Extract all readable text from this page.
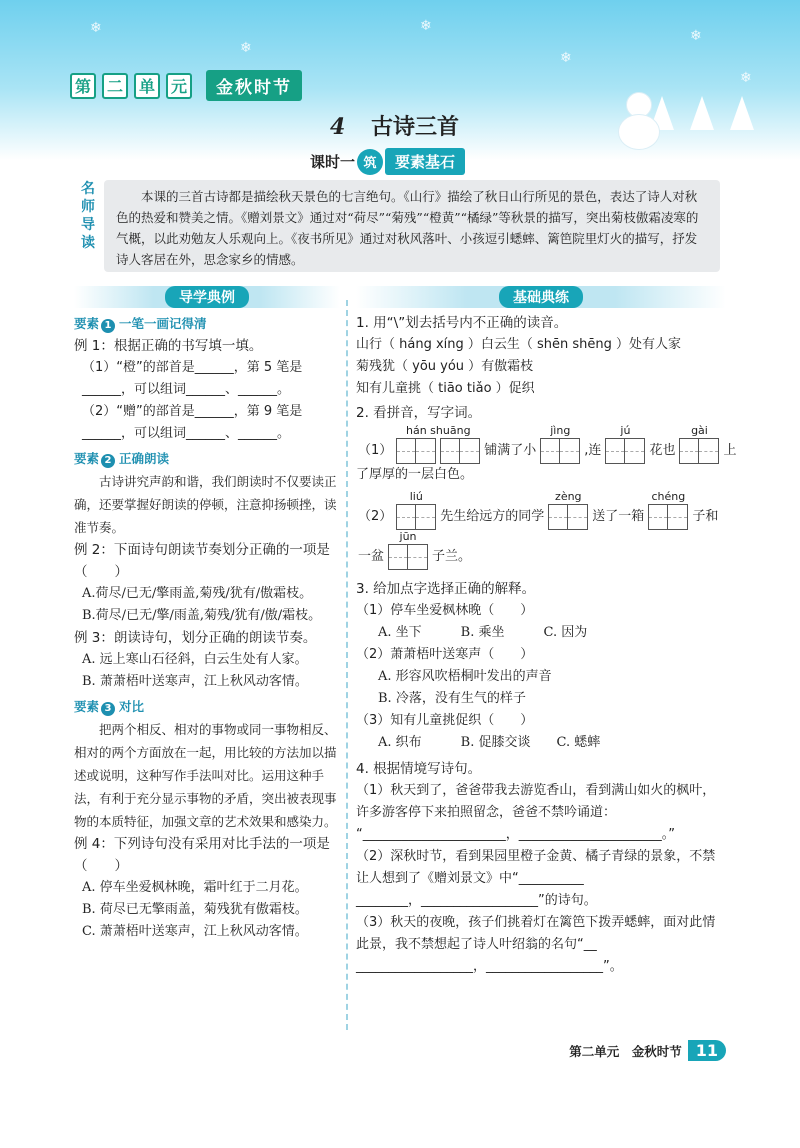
❄
❄
❄
❄
❄
❄
第 二 单 元	金秋时节
4 古诗三首
课时一 筑	要素基石
名
师
导
读
本课的三首古诗都是描绘秋天景色的七言绝句。《山行》描绘了秋日山行所见的景色，表达了诗人对秋色的热爱和赞美之情。《赠刘景文》通过对“荷尽”“菊残”“橙黄”“橘绿”等秋景的描写，突出菊枝傲霜凌寒的气概，以此劝勉友人乐观向上。《夜书所见》通过对秋风落叶、小孩逗引蟋蟀、篱笆院里灯火的描写，抒发诗人客居在外，思念家乡的情感。
导学典例	基础典练
要素 1 一笔一画记得清
例 1：根据正确的书写填一填。
（1）“橙”的部首是______，第 5 笔是
______，可以组词______、______。
（2）“赠”的部首是______，第 9 笔是
______，可以组词______、______。
要素 2 正确朗读
古诗讲究声韵和谐，我们朗读时不仅要读正确，还要掌握好朗读的停顿，注意抑扬顿挫，读准节奏。
例 2：下面诗句朗读节奏划分正确的一项是（　　）
A.荷尽/已无/擎雨盖,菊残/犹有/傲霜枝。
B.荷尽/已无/擎/雨盖,菊残/犹有/傲/霜枝。
例 3：朗读诗句，划分正确的朗读节奏。
A. 远上寒山石径斜，白云生处有人家。
B. 萧萧梧叶送寒声，江上秋风动客情。
要素 3 对比
把两个相反、相对的事物或同一事物相反、相对的两个方面放在一起，用比较的方法加以描述或说明，这种写作手法叫对比。运用这种手法，有利于充分显示事物的矛盾，突出被表现事物的本质特征，加强文章的艺术效果和感染力。
例 4：下列诗句没有采用对比手法的一项是（　　）
A. 停车坐爱枫林晚，霜叶红于二月花。
B. 荷尽已无擎雨盖，菊残犹有傲霜枝。
C. 萧萧梧叶送寒声，江上秋风动客情。
1. 用“\”划去括号内不正确的读音。
山行（ háng xíng ）白云生（ shēn shēng ）处有人家
菊残犹（ yōu yóu ）有傲霜枝
知有儿童挑（ tiāo tiǎo ）促织
2. 看拼音，写字词。
（1）
hán shuāng
铺满了小
jìng
,连
jú
花也
gài
上
了厚厚的一层白色。
（2）
liú
先生给远方的同学
zèng
送了一箱
chéng
子和
一盆
jūn
子兰。
3. 给加点字选择正确的解释。
（1）停车坐爱枫林晚（　　）
A. 坐下　　　B. 乘坐　　　C. 因为
（2）萧萧梧叶送寒声（　　）
A. 形容风吹梧桐叶发出的声音
B. 冷落，没有生气的样子
（3）知有儿童挑促织（　　）
A. 织布　　　B. 促膝交谈　　C. 蟋蟀
4. 根据情境写诗句。
（1）秋天到了，爸爸带我去游览香山，看到满山如火的枫叶，许多游客停下来拍照留念，爸爸不禁吟诵道：
“______________________，______________________。”
（2）深秋时节，看到果园里橙子金黄、橘子青绿的景象，不禁让人想到了《赠刘景文》中“__________
________，__________________”的诗句。
（3）秋天的夜晚，孩子们挑着灯在篱笆下拨弄蟋蟀，面对此情此景，我不禁想起了诗人叶绍翁的名句“__
__________________，__________________”。
第二单元　金秋时节 11
